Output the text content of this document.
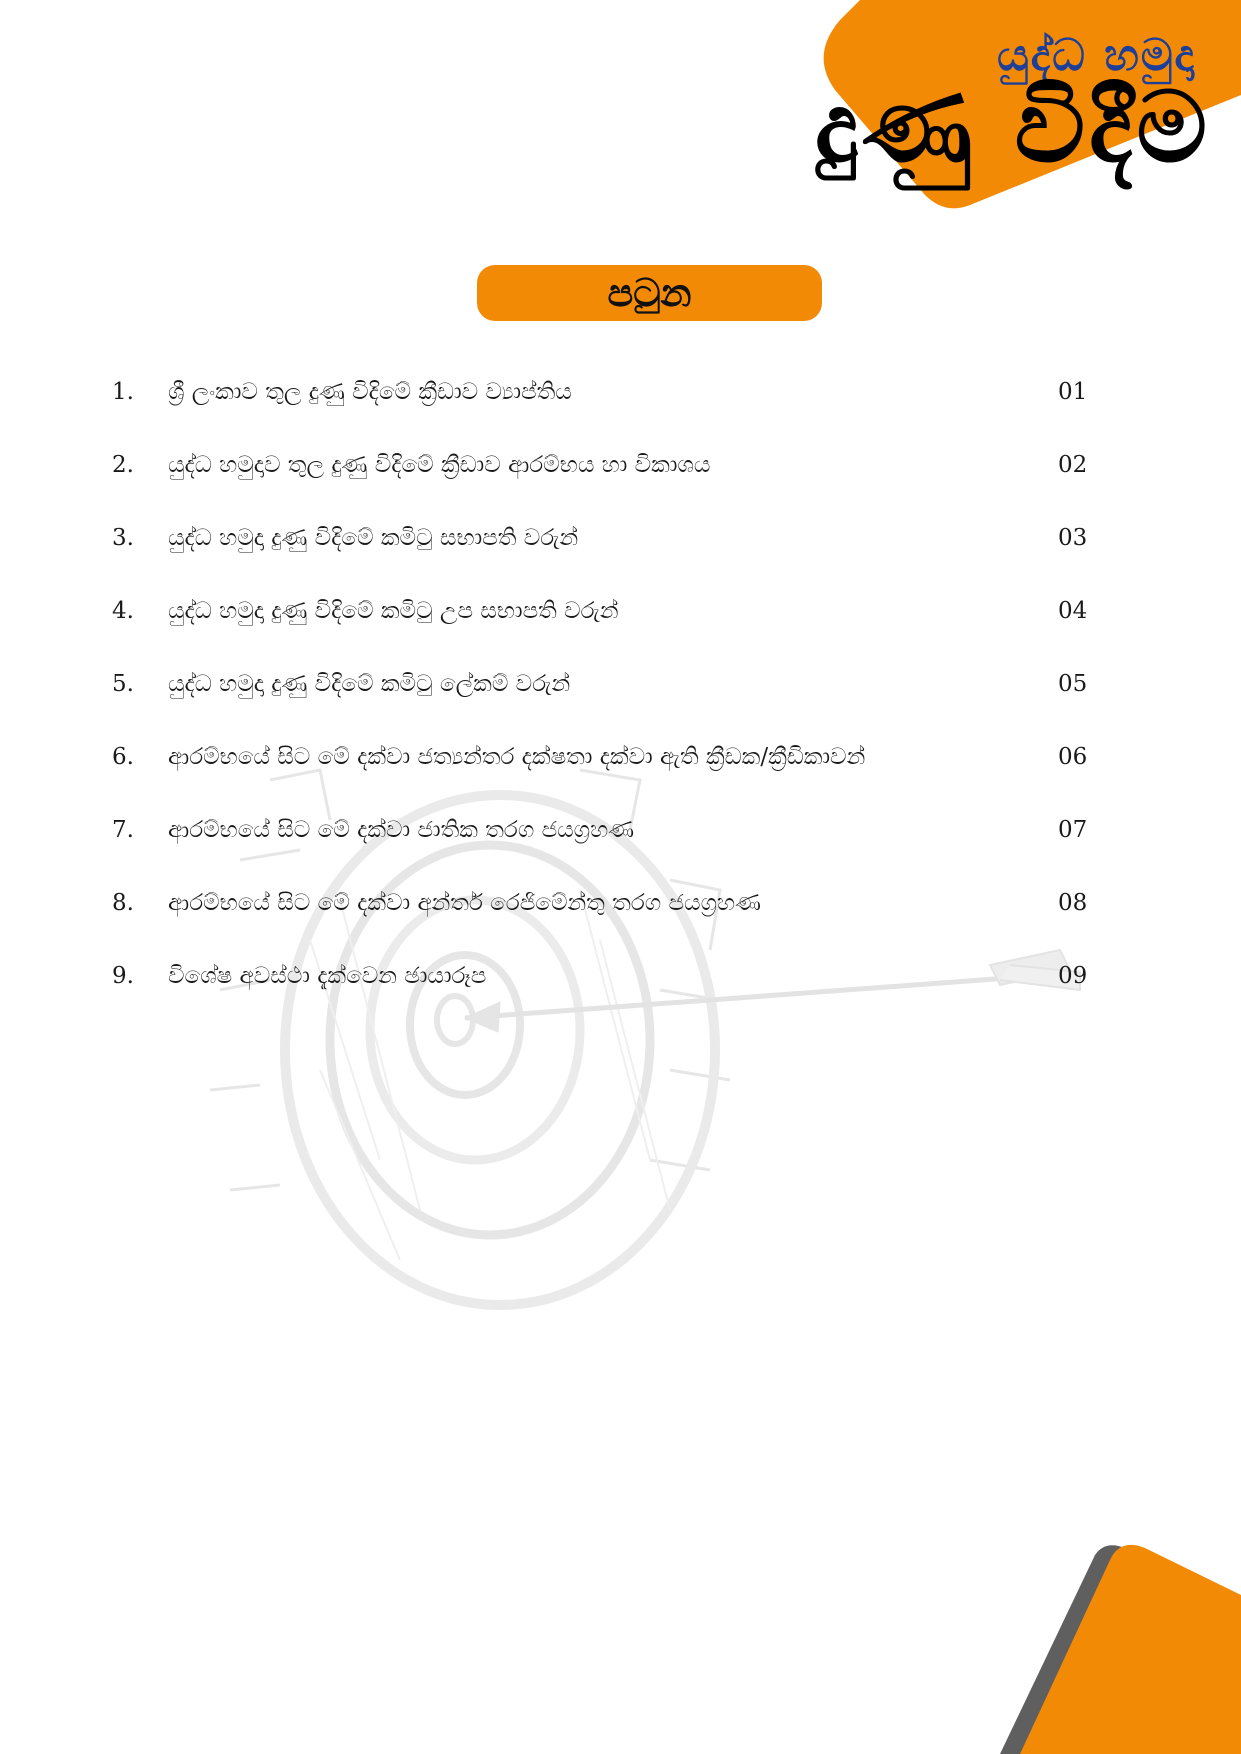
යුද්ධ හමුදා
දුණු විදීම
පටුන
1. ශ්‍රී ලංකාව තුල දුණු විදිමේ ක්‍රීඩාව ව්‍යාප්තිය	01
2. යුද්ධ හමුදාව තුල දුණු විදිමේ ක්‍රීඩාව ආරම්භය හා විකාශය	02
3. යුද්ධ හමුදා දුණු විදිමේ කමිටු සභාපති වරුන්	03
4. යුද්ධ හමුදා දුණු විදිමේ කමිටු උප සභාපති වරුන්	04
5. යුද්ධ හමුදා දුණු විදිමේ කමිටු ලේකම් වරුන්	05
6. ආරම්භයේ සිට මේ දක්වා ජත්‍යන්තර දක්ෂතා දක්වා ඇති ක්‍රීඩක/ක්‍රීඩිකාවන්	06
7. ආරම්භයේ සිට මේ දක්වා ජාතික තරග ජයග්‍රහණ	07
8. ආරම්භයේ සිට මේ දක්වා අන්තර් රෙජිමේන්තු තරග ජයග්‍රහණ	08
9. විශේෂ අවස්ථා දැක්වෙන ඡායාරූප	09
